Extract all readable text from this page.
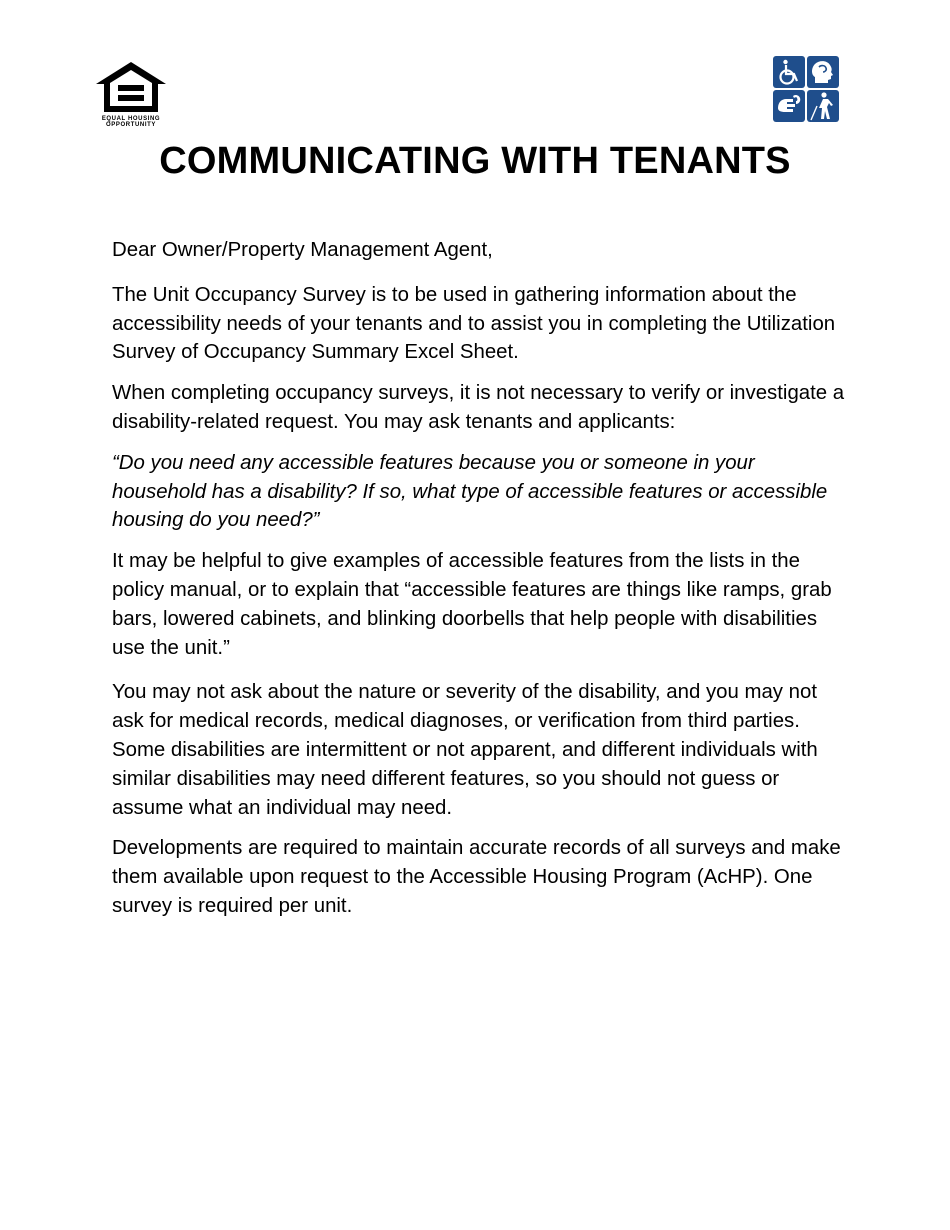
EQUAL HOUSING
OPPORTUNITY
COMMUNICATING WITH TENANTS

Dear Owner/Property Management Agent,

The Unit Occupancy Survey is to be used in gathering information about the accessibility needs of your tenants and to assist you in completing the Utilization Survey of Occupancy Summary Excel Sheet.

When completing occupancy surveys, it is not necessary to verify or investigate a disability-related request. You may ask tenants and applicants:

“Do you need any accessible features because you or someone in your household has a disability? If so, what type of accessible features or accessible housing do you need?”

It may be helpful to give examples of accessible features from the lists in the policy manual, or to explain that “accessible features are things like ramps, grab bars, lowered cabinets, and blinking doorbells that help people with disabilities use the unit.”

You may not ask about the nature or severity of the disability, and you may not ask for medical records, medical diagnoses, or verification from third parties. Some disabilities are intermittent or not apparent, and different individuals with similar disabilities may need different features, so you should not guess or assume what an individual may need.

Developments are required to maintain accurate records of all surveys and make them available upon request to the Accessible Housing Program (AcHP). One survey is required per unit.
